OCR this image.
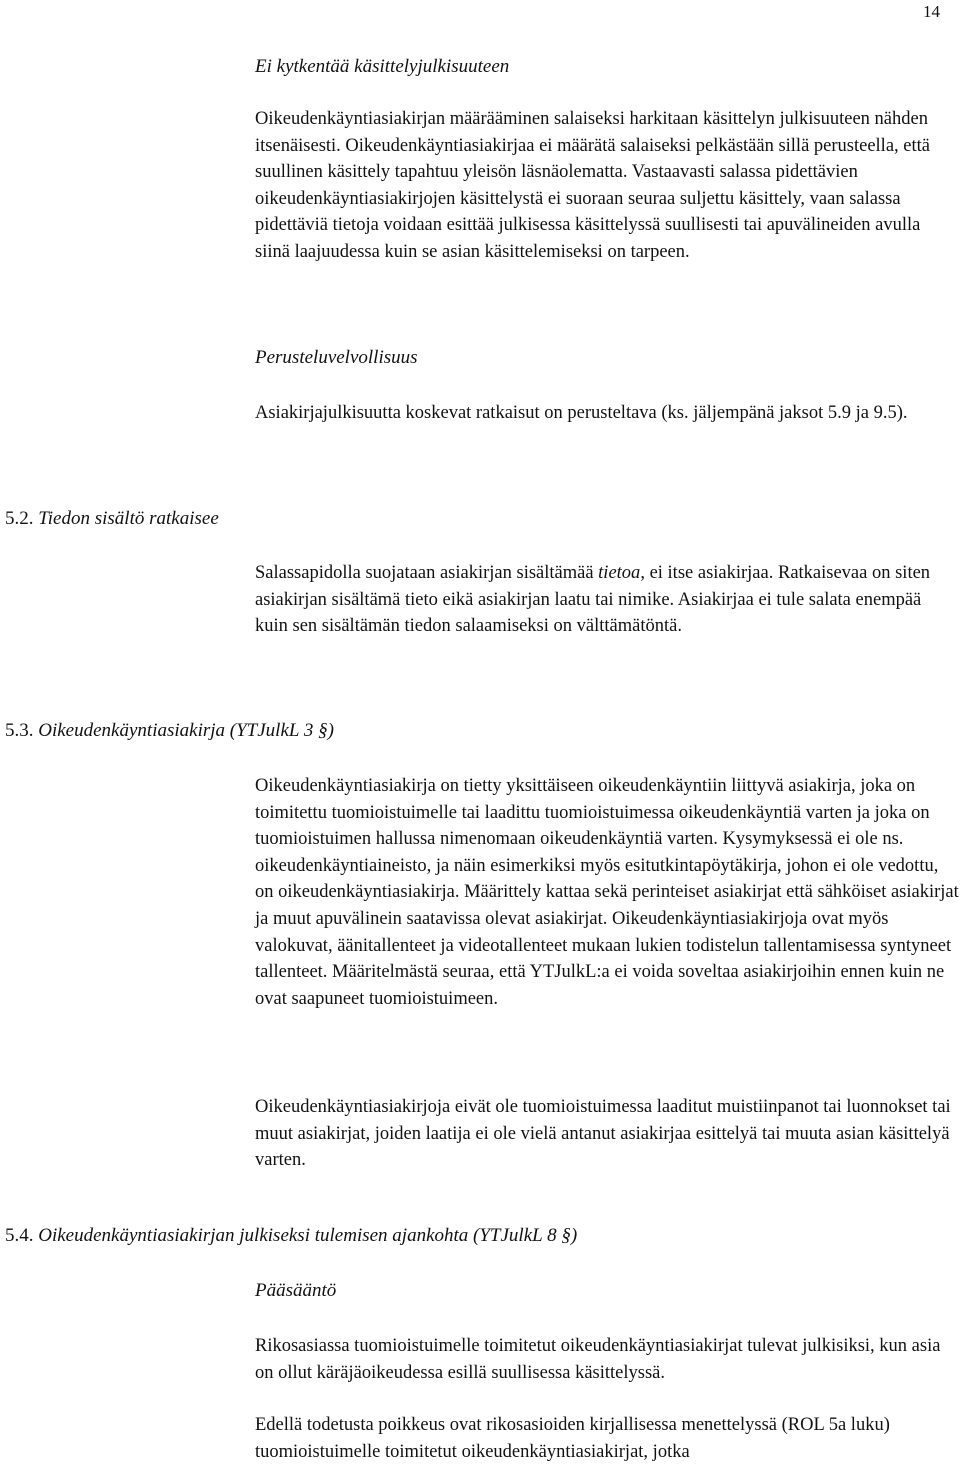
14

Ei kytkentää käsittelyjulkisuuteen

Oikeudenkäyntiasiakirjan määrääminen salaiseksi harkitaan käsittelyn julkisuuteen nähden itsenäisesti. Oikeudenkäyntiasiakirjaa ei määrätä salaiseksi pelkästään sillä perusteella, että suullinen käsittely tapahtuu yleisön läsnäolematta. Vastaavasti salassa pidettävien oikeudenkäyntiasiakirjojen käsittelystä ei suoraan seuraa suljettu käsittely, vaan salassa pidettäviä tietoja voidaan esittää julkisessa käsittelyssä suullisesti tai apuvälineiden avulla siinä laajuudessa kuin se asian käsittelemiseksi on tarpeen.

Perusteluvelvollisuus

Asiakirjajulkisuutta koskevat ratkaisut on perusteltava (ks. jäljempänä jaksot 5.9 ja 9.5).

5.2. Tiedon sisältö ratkaisee

Salassapidolla suojataan asiakirjan sisältämää tietoa, ei itse asiakirjaa. Ratkaisevaa on siten asiakirjan sisältämä tieto eikä asiakirjan laatu tai nimike. Asiakirjaa ei tule salata enempää kuin sen sisältämän tiedon salaamiseksi on välttämätöntä.

5.3. Oikeudenkäyntiasiakirja (YTJulkL 3 §)

Oikeudenkäyntiasiakirja on tietty yksittäiseen oikeudenkäyntiin liittyvä asiakirja, joka on toimitettu tuomioistuimelle tai laadittu tuomioistuimessa oikeudenkäyntiä varten ja joka on tuomioistuimen hallussa nimenomaan oikeudenkäyntiä varten. Kysymyksessä ei ole ns. oikeudenkäyntiaineisto, ja näin esimerkiksi myös esitutkintapöytäkirja, johon ei ole vedottu, on oikeudenkäyntiasiakirja. Määrittely kattaa sekä perinteiset asiakirjat että sähköiset asiakirjat ja muut apuvälinein saatavissa olevat asiakirjat. Oikeudenkäyntiasiakirjoja ovat myös valokuvat, äänitallenteet ja videotallenteet mukaan lukien todistelun tallentamisessa syntyneet tallenteet. Määritelmästä seuraa, että YTJulkL:a ei voida soveltaa asiakirjoihin ennen kuin ne ovat saapuneet tuomioistuimeen.

Oikeudenkäyntiasiakirjoja eivät ole tuomioistuimessa laaditut muistiinpanot tai luonnokset tai muut asiakirjat, joiden laatija ei ole vielä antanut asiakirjaa esittelyä tai muuta asian käsittelyä varten.

5.4. Oikeudenkäyntiasiakirjan julkiseksi tulemisen ajankohta (YTJulkL 8 §)

Pääsääntö

Rikosasiassa tuomioistuimelle toimitetut oikeudenkäyntiasiakirjat tulevat julkisiksi, kun asia on ollut käräjäoikeudessa esillä suullisessa käsittelyssä.

Edellä todetusta poikkeus ovat rikosasioiden kirjallisessa menettelyssä (ROL 5a luku) tuomioistuimelle toimitetut oikeudenkäyntiasiakirjat, jotka
